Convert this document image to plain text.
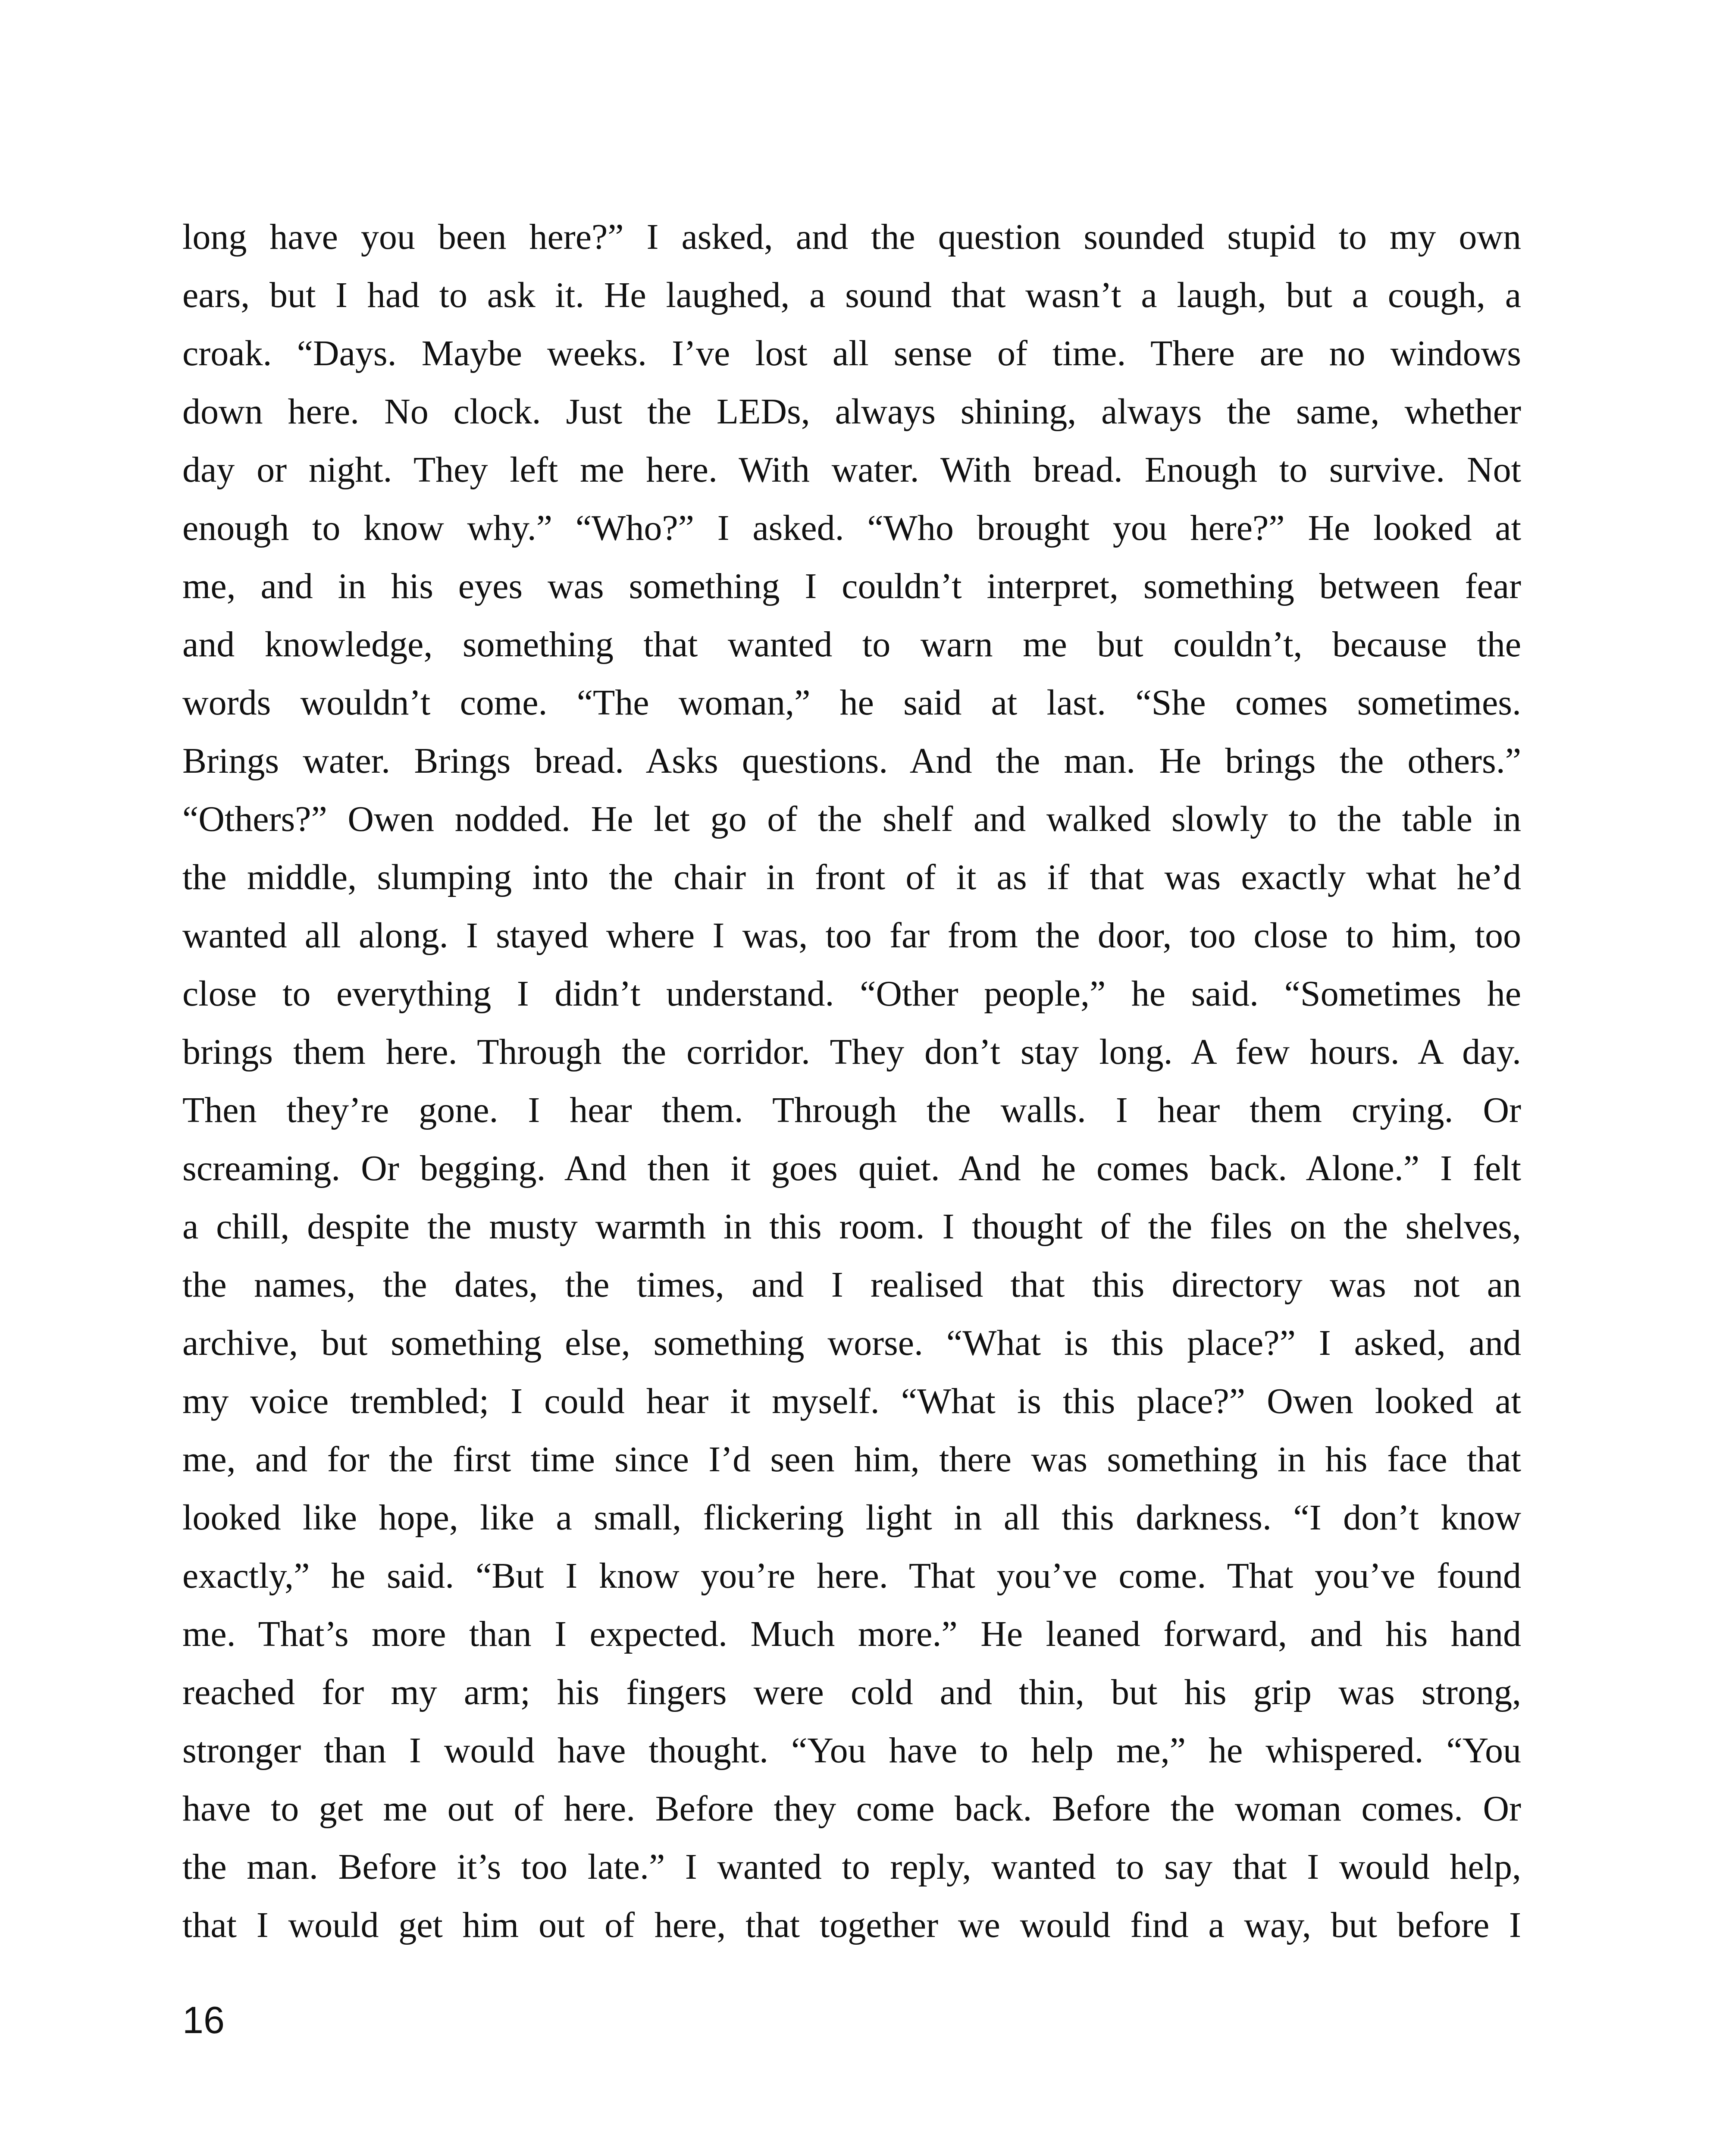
long have you been here?” I asked, and the question sounded stupid to my own
ears, but I had to ask it. He laughed, a sound that wasn’t a laugh, but a cough, a
croak. “Days. Maybe weeks. I’ve lost all sense of time. There are no windows
down here. No clock. Just the LEDs, always shining, always the same, whether
day or night. They left me here. With water. With bread. Enough to survive. Not
enough to know why.” “Who?” I asked. “Who brought you here?” He looked at
me, and in his eyes was something I couldn’t interpret, something between fear
and knowledge, something that wanted to warn me but couldn’t, because the
words wouldn’t come. “The woman,” he said at last. “She comes sometimes.
Brings water. Brings bread. Asks questions. And the man. He brings the others.”
“Others?” Owen nodded. He let go of the shelf and walked slowly to the table in
the middle, slumping into the chair in front of it as if that was exactly what he’d
wanted all along. I stayed where I was, too far from the door, too close to him, too
close to everything I didn’t understand. “Other people,” he said. “Sometimes he
brings them here. Through the corridor. They don’t stay long. A few hours. A day.
Then they’re gone. I hear them. Through the walls. I hear them crying. Or
screaming. Or begging. And then it goes quiet. And he comes back. Alone.” I felt
a chill, despite the musty warmth in this room. I thought of the files on the shelves,
the names, the dates, the times, and I realised that this directory was not an
archive, but something else, something worse. “What is this place?” I asked, and
my voice trembled; I could hear it myself. “What is this place?” Owen looked at
me, and for the first time since I’d seen him, there was something in his face that
looked like hope, like a small, flickering light in all this darkness. “I don’t know
exactly,” he said. “But I know you’re here. That you’ve come. That you’ve found
me. That’s more than I expected. Much more.” He leaned forward, and his hand
reached for my arm; his fingers were cold and thin, but his grip was strong,
stronger than I would have thought. “You have to help me,” he whispered. “You
have to get me out of here. Before they come back. Before the woman comes. Or
the man. Before it’s too late.” I wanted to reply, wanted to say that I would help,
that I would get him out of here, that together we would find a way, but before I
16
